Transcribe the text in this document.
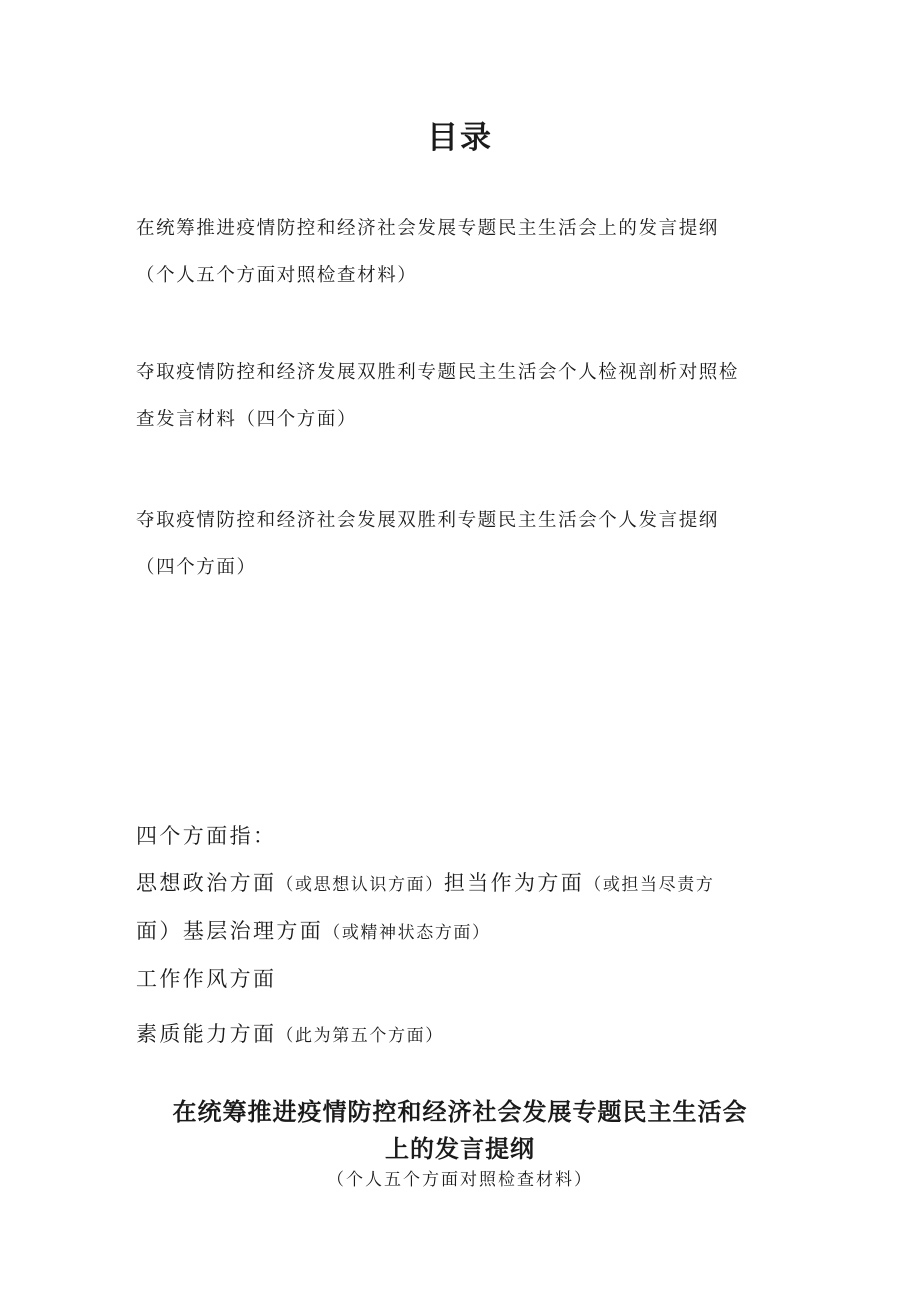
目录
在统筹推进疫情防控和经济社会发展专题民主生活会上的发言提纲
（个人五个方面对照检查材料）
夺取疫情防控和经济发展双胜利专题民主生活会个人检视剖析对照检
查发言材料（四个方面）
夺取疫情防控和经济社会发展双胜利专题民主生活会个人发言提纲
（四个方面）
四个方面指：
思想政治方面（或思想认识方面）担当作为方面（或担当尽责方
面）基层治理方面（或精神状态方面）
工作作风方面
素质能力方面（此为第五个方面）
在统筹推进疫情防控和经济社会发展专题民主生活会
上的发言提纲
（个人五个方面对照检查材料）
